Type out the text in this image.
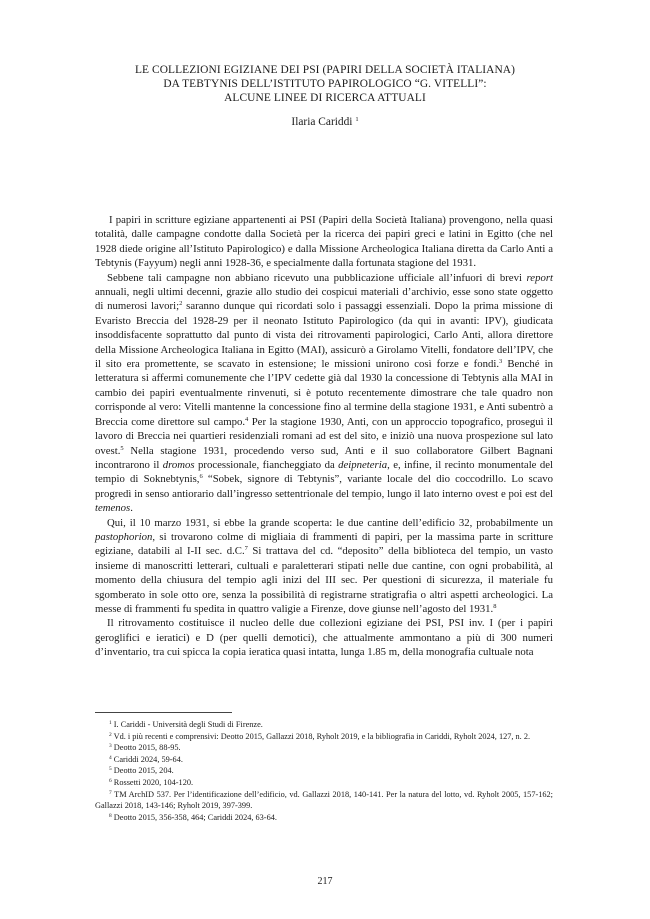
LE COLLEZIONI EGIZIANE DEI PSI (PAPIRI DELLA SOCIETÀ ITALIANA)
DA TEBTYNIS DELL’ISTITUTO PAPIROLOGICO “G. VITELLI”:
ALCUNE LINEE DI RICERCA ATTUALI
Ilaria Cariddi $^1$

I papiri in scritture egiziane appartenenti ai PSI (Papiri della Società Italiana) provengono, nella quasi totalità, dalle campagne condotte dalla Società per la ricerca dei papiri greci e latini in Egitto (che nel 1928 diede origine all’Istituto Papirologico) e dalla Missione Archeologica Italiana diretta da Carlo Anti a Tebtynis (Fayyum) negli anni 1928-36, e specialmente dalla fortunata stagione del 1931.

Sebbene tali campagne non abbiano ricevuto una pubblicazione ufficiale all’infuori di brevi report annuali, negli ultimi decenni, grazie allo studio dei cospicui materiali d’archivio, esse sono state oggetto di numerosi lavori;$^2$ saranno dunque qui ricordati solo i passaggi essenziali. Dopo la prima missione di Evaristo Breccia del 1928-29 per il neonato Istituto Papirologico (da qui in avanti: IPV), giudicata insoddisfacente soprattutto dal punto di vista dei ritrovamenti papirologici, Carlo Anti, allora direttore della Missione Archeologica Italiana in Egitto (MAI), assicurò a Girolamo Vitelli, fondatore dell’IPV, che il sito era promettente, se scavato in estensione; le missioni unirono così forze e fondi.$^3$ Benché in letteratura si affermi comunemente che l’IPV cedette già dal 1930 la concessione di Tebtynis alla MAI in cambio dei papiri eventualmente rinvenuti, si è potuto recentemente dimostrare che tale quadro non corrisponde al vero: Vitelli mantenne la concessione fino al termine della stagione 1931, e Anti subentrò a Breccia come direttore sul campo.$^4$ Per la stagione 1930, Anti, con un approccio topografico, proseguì il lavoro di Breccia nei quartieri residenziali romani ad est del sito, e iniziò una nuova prospezione sul lato ovest.$^5$ Nella stagione 1931, procedendo verso sud, Anti e il suo collaboratore Gilbert Bagnani incontrarono il dromos processionale, fiancheggiato da deipneteria, e, infine, il recinto monumentale del tempio di Soknebtynis,$^6$ “Sobek, signore di Tebtynis”, variante locale del dio coccodrillo. Lo scavo progredì in senso antiorario dall’ingresso settentrionale del tempio, lungo il lato interno ovest e poi est del temenos.

Qui, il 10 marzo 1931, si ebbe la grande scoperta: le due cantine dell’edificio 32, probabilmente un pastophorion, si trovarono colme di migliaia di frammenti di papiri, per la massima parte in scritture egiziane, databili al I-II sec. d.C.$^7$ Si trattava del cd. “deposito” della biblioteca del tempio, un vasto insieme di manoscritti letterari, cultuali e paraletterari stipati nelle due cantine, con ogni probabilità, al momento della chiusura del tempio agli inizi del III sec. Per questioni di sicurezza, il materiale fu sgomberato in sole otto ore, senza la possibilità di registrarne stratigrafia o altri aspetti archeologici. La messe di frammenti fu spedita in quattro valigie a Firenze, dove giunse nell’agosto del 1931.$^8$

Il ritrovamento costituisce il nucleo delle due collezioni egiziane dei PSI, PSI inv. I (per i papiri geroglifici e ieratici) e D (per quelli demotici), che attualmente ammontano a più di 300 numeri d’inventario, tra cui spicca la copia ieratica quasi intatta, lunga 1.85 m, della monografia cultuale nota

$^1$ I. Cariddi - Università degli Studi di Firenze.

$^2$ Vd. i più recenti e comprensivi: Deotto 2015, Gallazzi 2018, Ryholt 2019, e la bibliografia in Cariddi, Ryholt 2024, 127, n. 2.

$^3$ Deotto 2015, 88-95.

$^4$ Cariddi 2024, 59-64.

$^5$ Deotto 2015, 204.

$^6$ Rossetti 2020, 104-120.

$^7$ TM ArchID 537. Per l’identificazione dell’edificio, vd. Gallazzi 2018, 140-141. Per la natura del lotto, vd. Ryholt 2005, 157-162; Gallazzi 2018, 143-146; Ryholt 2019, 397-399.

$^8$ Deotto 2015, 356-358, 464; Cariddi 2024, 63-64.

217
